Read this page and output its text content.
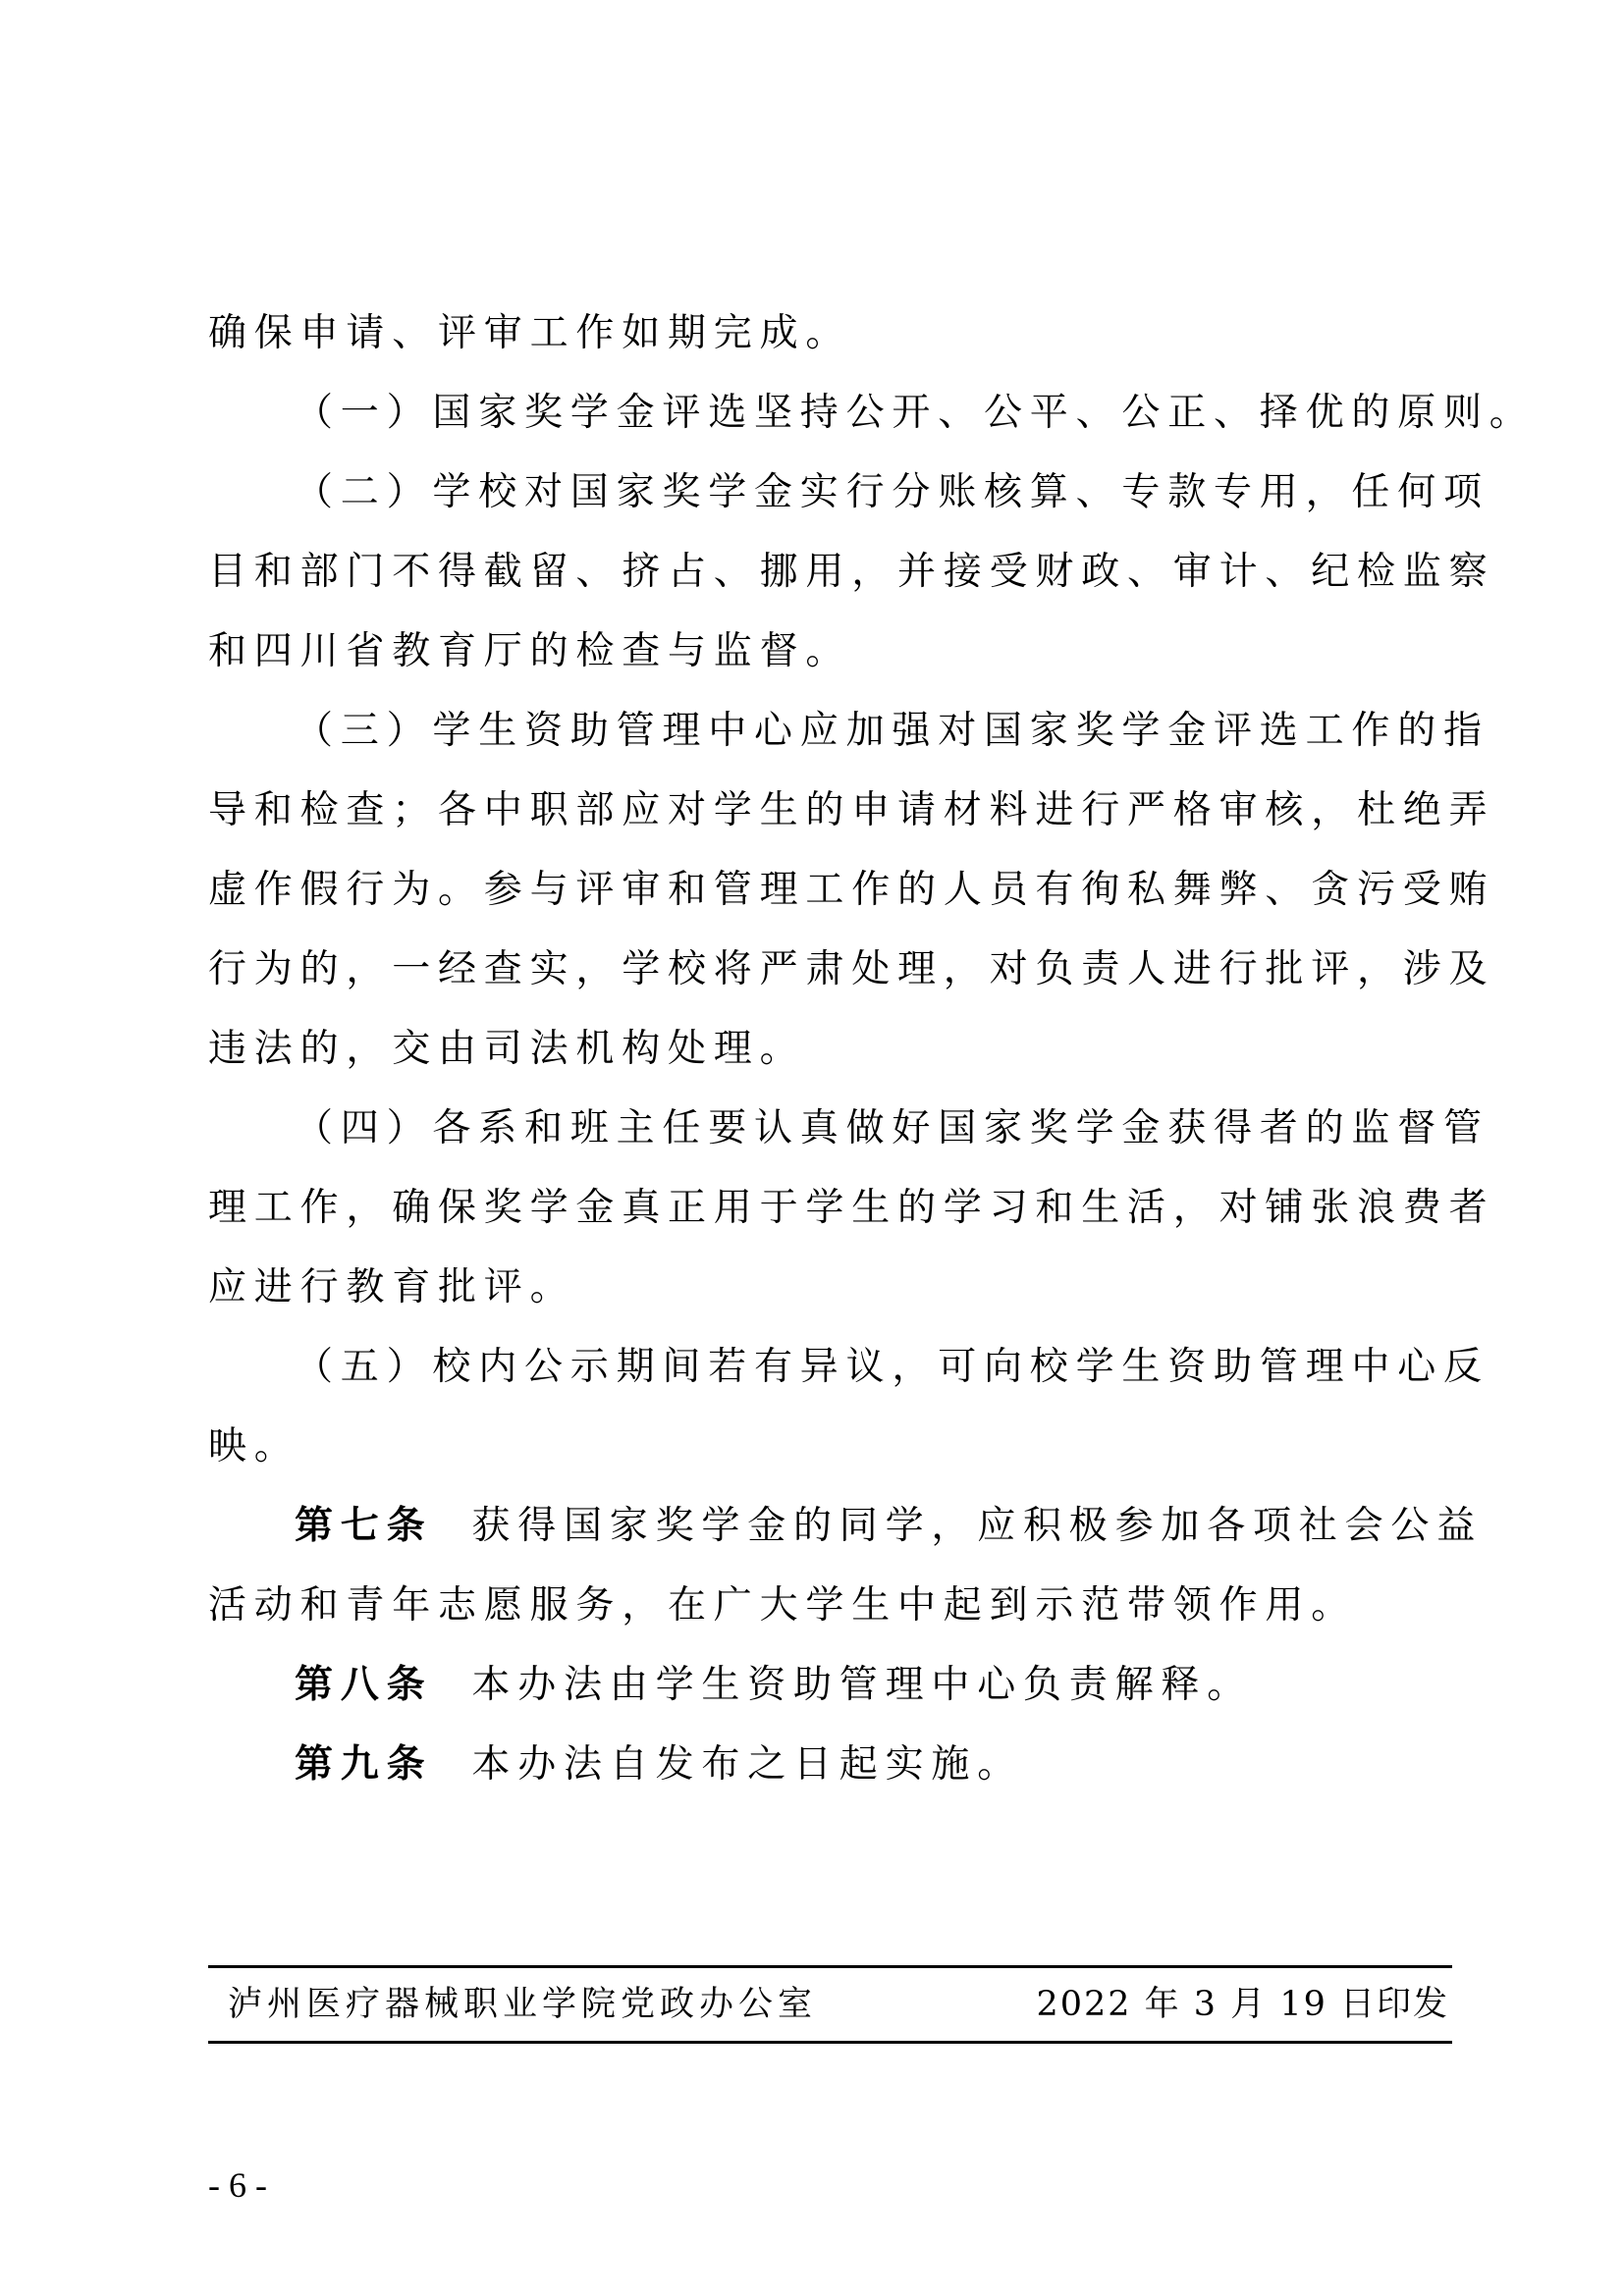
确保申请、评审工作如期完成。
（一）国家奖学金评选坚持公开、公平、公正、择优的原则。
（二）学校对国家奖学金实行分账核算、专款专用，任何项
目和部门不得截留、挤占、挪用，并接受财政、审计、纪检监察
和四川省教育厅的检查与监督。
（三）学生资助管理中心应加强对国家奖学金评选工作的指
导和检查；各中职部应对学生的申请材料进行严格审核，杜绝弄
虚作假行为。参与评审和管理工作的人员有徇私舞弊、贪污受贿
行为的，一经查实，学校将严肃处理，对负责人进行批评，涉及
违法的，交由司法机构处理。
（四）各系和班主任要认真做好国家奖学金获得者的监督管
理工作，确保奖学金真正用于学生的学习和生活，对铺张浪费者
应进行教育批评。
（五）校内公示期间若有异议，可向校学生资助管理中心反
映。
第七条 获得国家奖学金的同学，应积极参加各项社会公益
活动和青年志愿服务，在广大学生中起到示范带领作用。
第八条 本办法由学生资助管理中心负责解释。
第九条 本办法自发布之日起实施。
泸州医疗器械职业学院党政办公室	2022 年 3 月 19 日印发
- 6 -
